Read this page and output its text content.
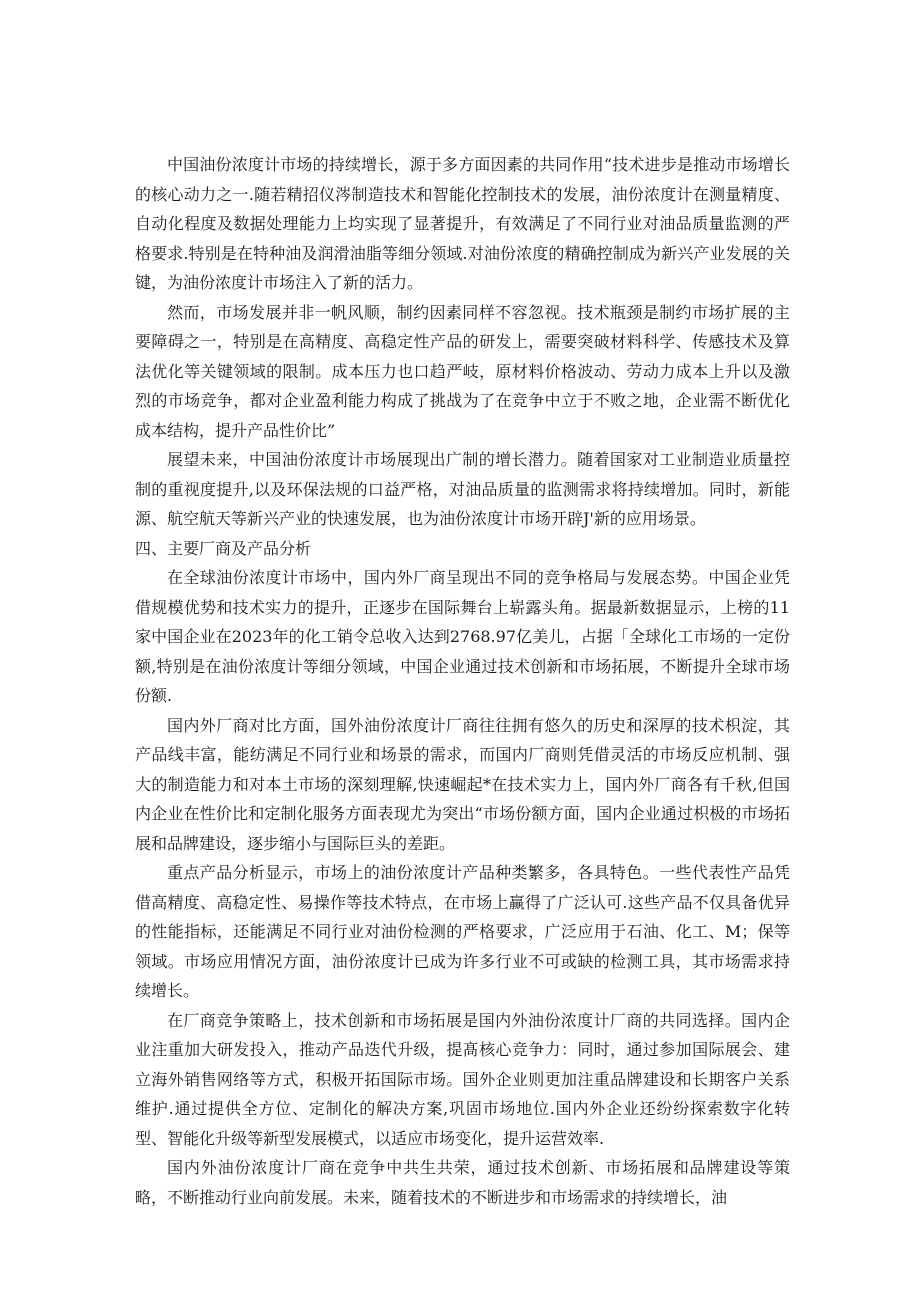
中国油份浓度计市场的持续增长，源于多方面因素的共同作用“技术进步是推动市场增长的核心动力之一.随若精招仪涔制造技术和智能化控制技术的发展，油份浓度计在测量精度、自动化程度及数据处理能力上均实现了显著提升，有效满足了不同行业对油品质量监测的严格要求.特别是在特种油及润滑油脂等细分领域.对油份浓度的精确控制成为新兴产业发展的关键，为油份浓度计市场注入了新的活力。

然而，市场发展并非一帆风顺，制约因素同样不容忽视。技术瓶颈是制约市场扩展的主要障碍之一，特别是在高精度、高稳定性产品的研发上，需要突破材料科学、传感技术及算法优化等关键领域的限制。成本压力也口趋严岐，原材料价格波动、劳动力成本上升以及激烈的市场竞争，都对企业盈利能力构成了挑战为了在竞争中立于不败之地，企业需不断优化成本结构，提升产品性价比”

展望未来，中国油份浓度计市场展现出广制的增长潜力。随着国家对工业制造业质量控制的重视度提升,以及环保法规的口益严格，对油品质量的监测需求将持续增加。同时，新能源、航空航天等新兴产业的快速发展，也为油份浓度计市场开辟J'新的应用场景。

四、主要厂商及产品分析

在全球油份浓度计市场中，国内外厂商呈现出不同的竞争格局与发展态势。中国企业凭借规模优势和技术实力的提升，正逐步在国际舞台上崭露头角。据最新数据显示，上榜的11家中国企业在2023年的化工销令总收入达到2768.97亿美儿，占据「全球化工市场的一定份额,特别是在油份浓度计等细分领域，中国企业通过技术创新和市场拓展，不断提升全球市场份额.

国内外厂商对比方面，国外油份浓度计厂商往往拥有悠久的历史和深厚的技术枳淀，其产品线丰富，能纺满足不同行业和场景的需求，而国内厂商则凭借灵活的市场反应机制、强大的制造能力和对本土市场的深刻理解,快速崛起*在技术实力上，国内外厂商各有千秋,但国内企业在性价比和定制化服务方面表现尤为突出“市场份额方面，国内企业通过枳极的市场拓展和品牌建设，逐步缩小与国际巨头的差距。

重点产品分析显示，市场上的油份浓度计产品种类繁多，各具特色。一些代表性产品凭借高精度、高稳定性、易操作等技术特点，在市场上赢得了广泛认可.这些产品不仅具备优异的性能指标，还能满足不同行业对油份检测的严格要求，广泛应用于石油、化工、M；保等领域。市场应用情况方面，油份浓度计已成为许多行业不可或缺的检测工具，其市场需求持续增长。

在厂商竞争策略上，技术创新和市场拓展是国内外油份浓度计厂商的共同选择。国内企业注重加大研发投入，推动产品迭代升级，提髙核心竞争力：同时，通过参加国际展会、建立海外销售网络等方式，积极开拓国际市场。国外企业则更加注重品牌建设和长期客户关系维护.通过提供全方位、定制化的解决方案,巩固市场地位.国内外企业还纷纷探索数字化转型、智能化升级等新型发展模式，以适应市场变化，提升运营效率.

国内外油份浓度计厂商在竞争中共生共荣，通过技术创新、市场拓展和品牌建设等策略，不断推动行业向前发展。未来，随着技术的不断进步和市场需求的持续增长，油
